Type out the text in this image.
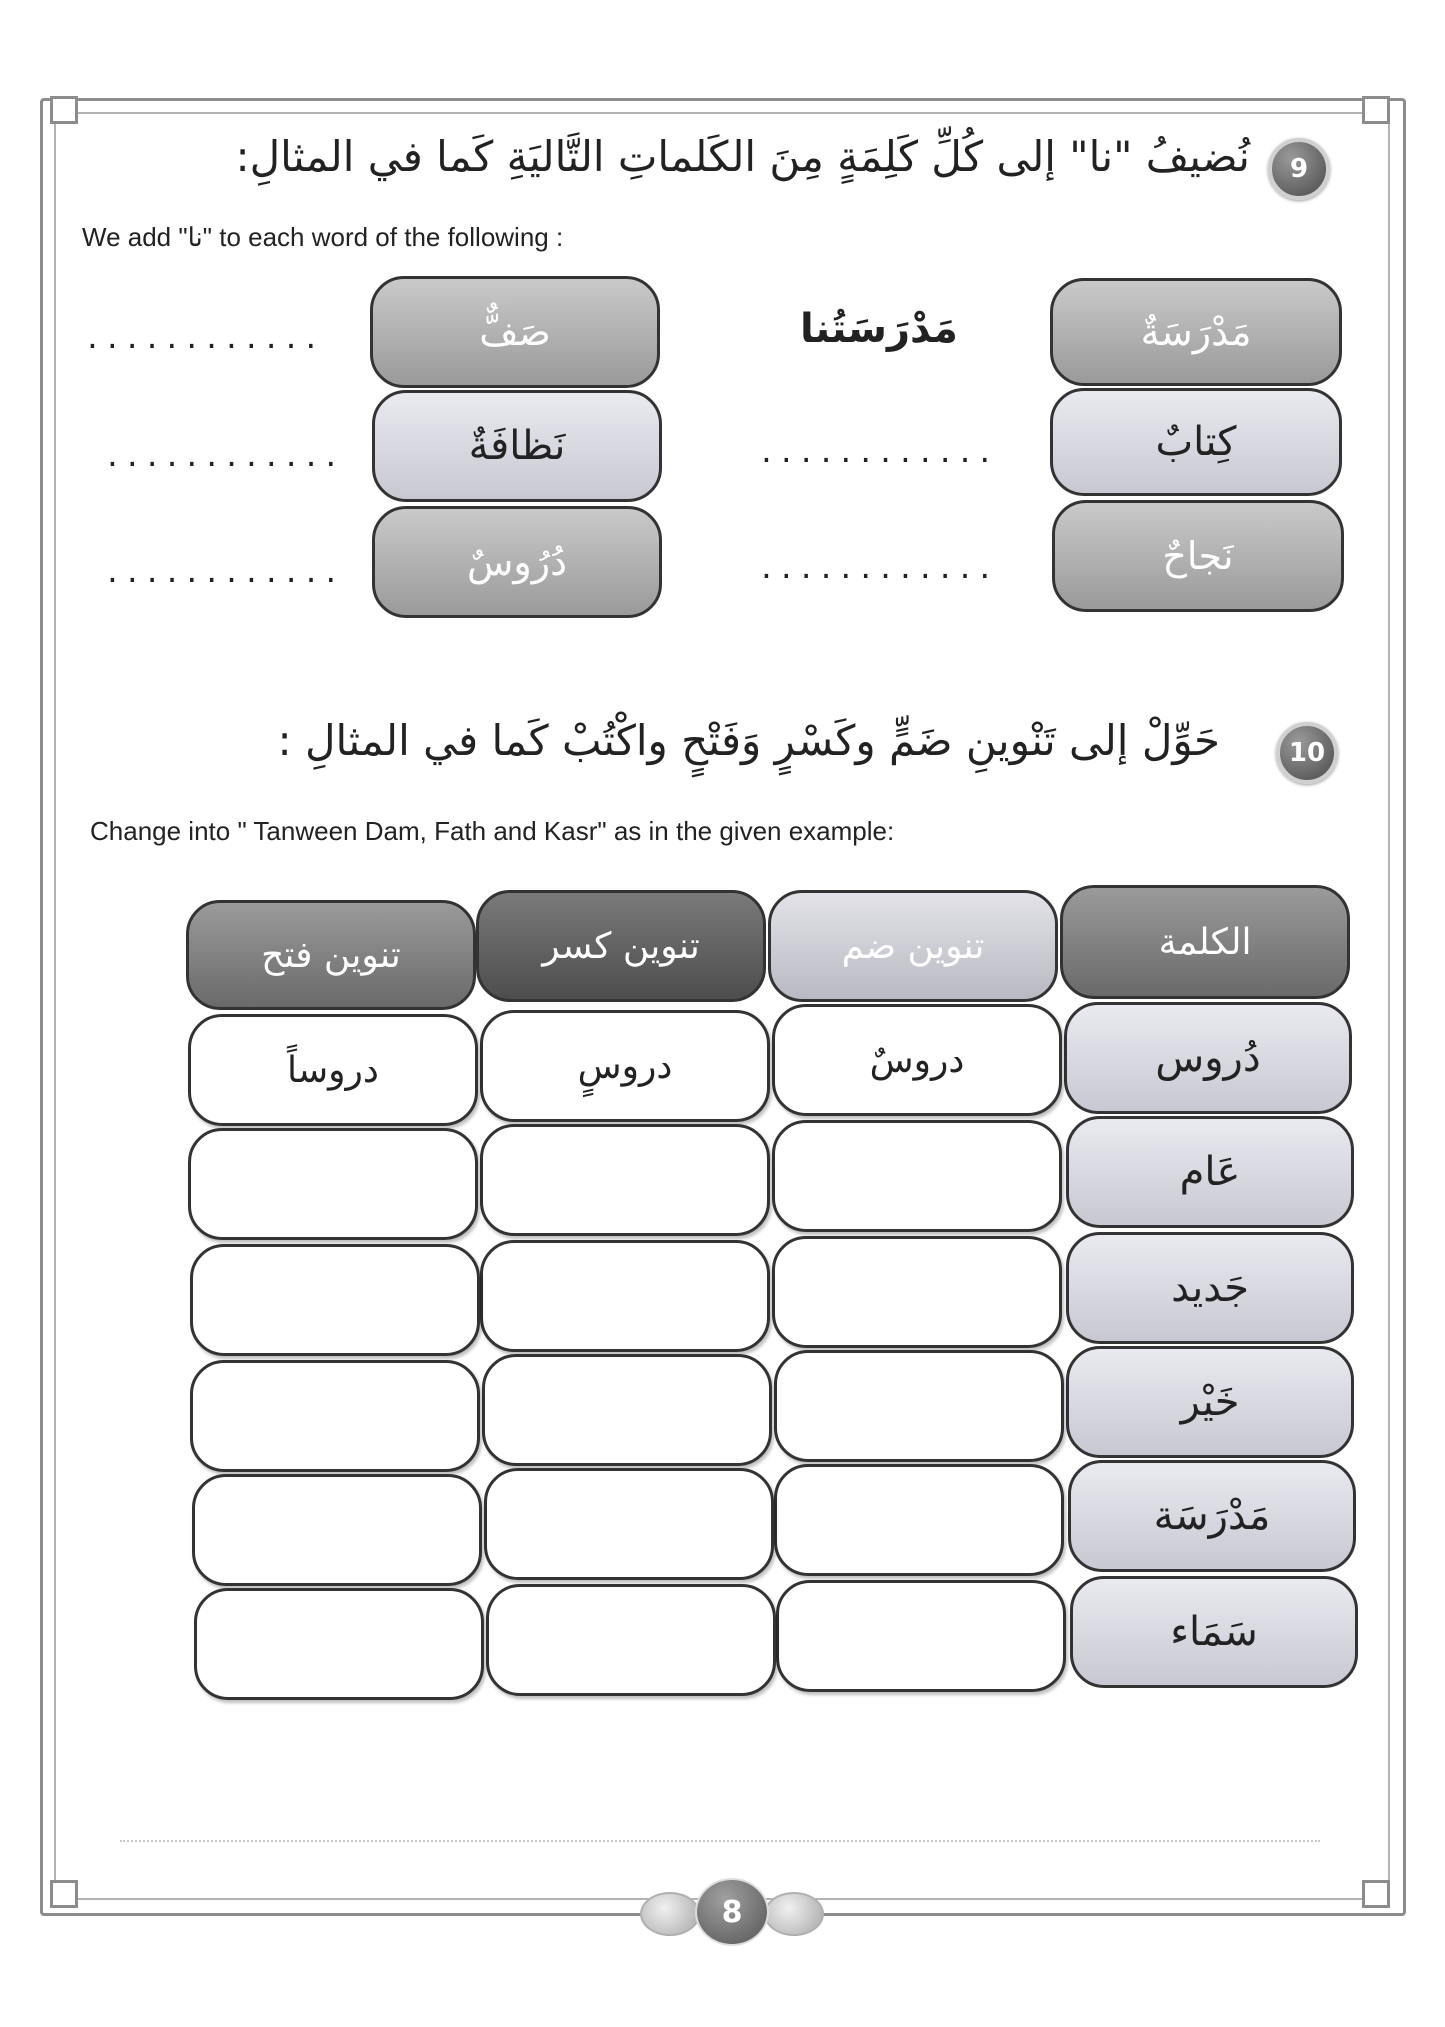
9
نُضيفُ "نا" إلى كُلِّ كَلِمَةٍ مِنَ الكَلماتِ التَّاليَةِ كَما في المثالِ:
We add "نا" to each word of the following :
مَدْرَسَةٌ
كِتابٌ
نَجاحٌ
مَدْرَسَتُنا
............
............
صَفٌّ
نَظافَةٌ
دُرُوسٌ
............
............
............
10
حَوِّلْ إلى تَنْوينِ ضَمٍّ وكَسْرٍ وَفَتْحٍ واكْتُبْ كَما في المثالِ :
Change into " Tanween Dam, Fath and Kasr" as in the given example:
الكلمة
تنوين ضم
تنوين كسر
تنوين فتح
دُروس
دروسٌ
دروسٍ
دروساً
عَام
جَديد
خَيْر
مَدْرَسَة
سَمَاء
8
